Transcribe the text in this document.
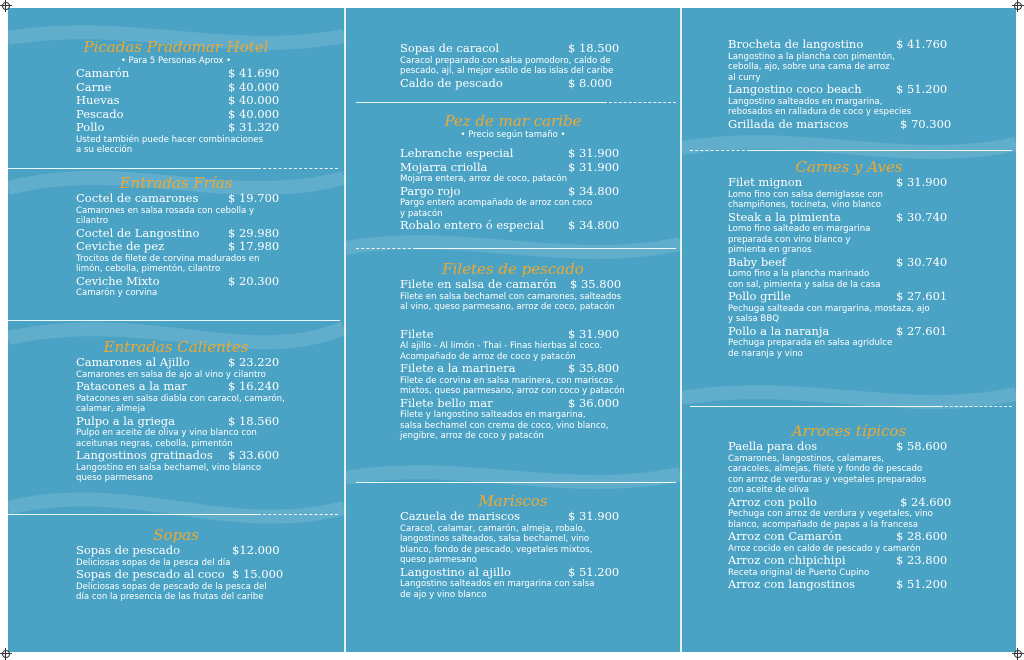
Picadas Pradomar Hotel
• Para 5 Personas Aprox •
Camarón	$ 41.690
Carne	$ 40.000
Huevas	$ 40.000
Pescado	$ 40.000
Pollo	$ 31.320
Usted también puede hacer combinaciones
a su elección
Entradas Frías
Coctel de camarones	$ 19.700
Camarones en salsa rosada con cebolla y
cilantro
Coctel de Langostino $ 29.980
Ceviche de pez	$ 17.980
Trocitos de filete de corvina madurados en
limón, cebolla, pimentón, cilantro
Ceviche Mixto	$ 20.300
Camarón y corvina
Entradas Calientes
Camarones al Ajillo	$ 23.220
Camarones en salsa de ajo al vino y cilantro
Patacones a la mar	$ 16.240
Patacones en salsa diabla con caracol, camarón,
calamar, almeja
Pulpo a la griega	$ 18.560
Pulpo en aceite de oliva y vino blanco con
aceitunas negras, cebolla, pimentón
Langostinos gratinados $ 33.600
Langostino en salsa bechamel, vino blanco
queso parmesano
Sopas
Sopas de pescado	$12.000
Deliciosas sopas de la pesca del día
Sopas de pescado al coco $ 15.000
Deliciosas sopas de pescado de la pesca del
día con la presencia de las frutas del caribe
Sopas de caracol	$ 18.500
Caracol preparado con salsa pomodoro, caldo de
pescado, ají, al mejor estilo de las islas del caribe
Caldo de pescado	$ 8.000
Pez de mar caribe
• Precio según tamaño •
Lebranche especial	$ 31.900
Mojarra criolla	$ 31.900
Mojarra entera, arroz de coco, patacón
Pargo rojo	$ 34.800
Pargo entero acompañado de arroz con coco
y patacón
Robalo entero ó especial $ 34.800
Filetes de pescado
Filete en salsa de camarón $ 35.800
Filete en salsa bechamel con camarones, salteados
al vino, queso parmesano, arroz de coco, patacón
Filete	$ 31.900
Al ajillo - Al limón - Thai - Finas hierbas al coco.
Acompañado de arroz de coco y patacón
Filete a la marinera	$ 35.800
Filete de corvina en salsa marinera, con mariscos
mixtos, queso parmesano, arroz con coco y patacón
Filete bello mar	$ 36.000
Filete y langostino salteados en margarina,
salsa bechamel con crema de coco, vino blanco,
jengibre, arroz de coco y patacón
Mariscos
Cazuela de mariscos	$ 31.900
Caracol, calamar, camarón, almeja, robalo,
langostinos salteados, salsa bechamel, vino
blanco, fondo de pescado, vegetales mixtos,
queso parmesano
Langostino al ajillo	$ 51.200
Langostino salteados en margarina con salsa
de ajo y vino blanco
Brocheta de langostino	$ 41.760
Langostino a la plancha con pimentón,
cebolla, ajo, sobre una cama de arroz
al curry
Langostino coco beach	$ 51.200
Langostino salteados en margarina,
rebosados en ralladura de coco y especies
Grillada de mariscos	$ 70.300
Carnes y Aves
Filet mignon	$ 31.900
Lomo fino con salsa demiglasse con
champiñones, tocineta, vino blanco
Steak a la pimienta	$ 30.740
Lomo fino salteado en margarina
preparada con vino blanco y
pimienta en granos
Baby beef	$ 30.740
Lomo fino a la plancha marinado
con sal, pimienta y salsa de la casa
Pollo grille	$ 27.601
Pechuga salteada con margarina, mostaza, ajo
y salsa BBQ
Pollo a la naranja	$ 27.601
Pechuga preparada en salsa agridulce
de naranja y vino
Arroces típicos
Paella para dos	$ 58.600
Camarones, langostinos, calamares,
caracoles, almejas, filete y fondo de pescado
con arroz de verduras y vegetales preparados
con aceite de oliva
Arroz con pollo	$ 24.600
Pechuga con arroz de verdura y vegetales, vino
blanco, acompañado de papas a la francesa
Arroz con Camarón	$ 28.600
Arroz cocido en caldo de pescado y camarón
Arroz con chipichipi	$ 23.800
Receta original de Puerto Cupino
Arroz con langostinos	$ 51.200
